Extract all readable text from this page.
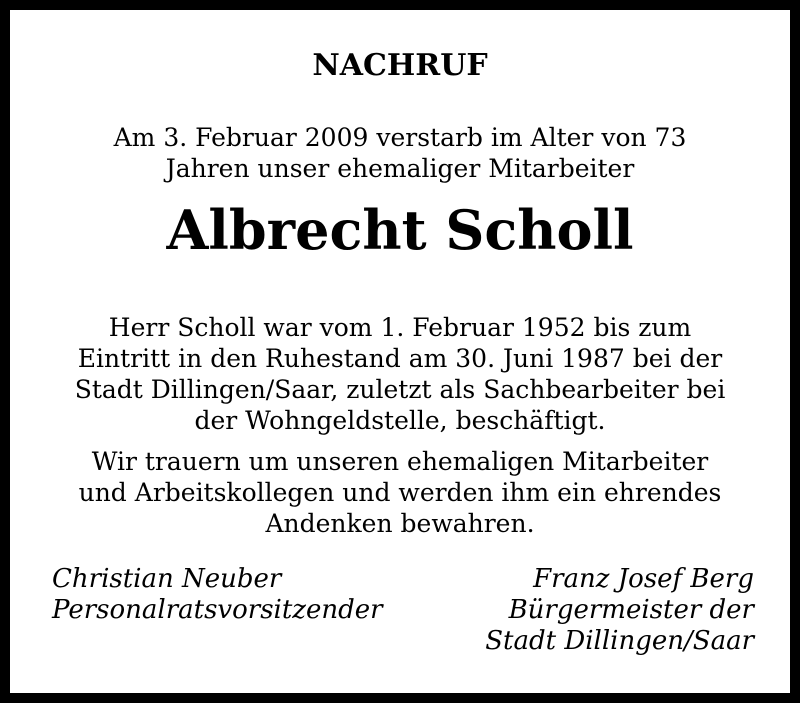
NACHRUF
Am 3. Februar 2009 verstarb im Alter von 73
Jahren unser ehemaliger Mitarbeiter
Albrecht Scholl
Herr Scholl war vom 1. Februar 1952 bis zum
Eintritt in den Ruhestand am 30. Juni 1987 bei der
Stadt Dillingen/Saar, zuletzt als Sachbearbeiter bei
der Wohngeldstelle, beschäftigt.
Wir trauern um unseren ehemaligen Mitarbeiter
und Arbeitskollegen und werden ihm ein ehrendes
Andenken bewahren.
Christian Neuber
Personalratsvorsitzender
Franz Josef Berg
Bürgermeister der
Stadt Dillingen/Saar
